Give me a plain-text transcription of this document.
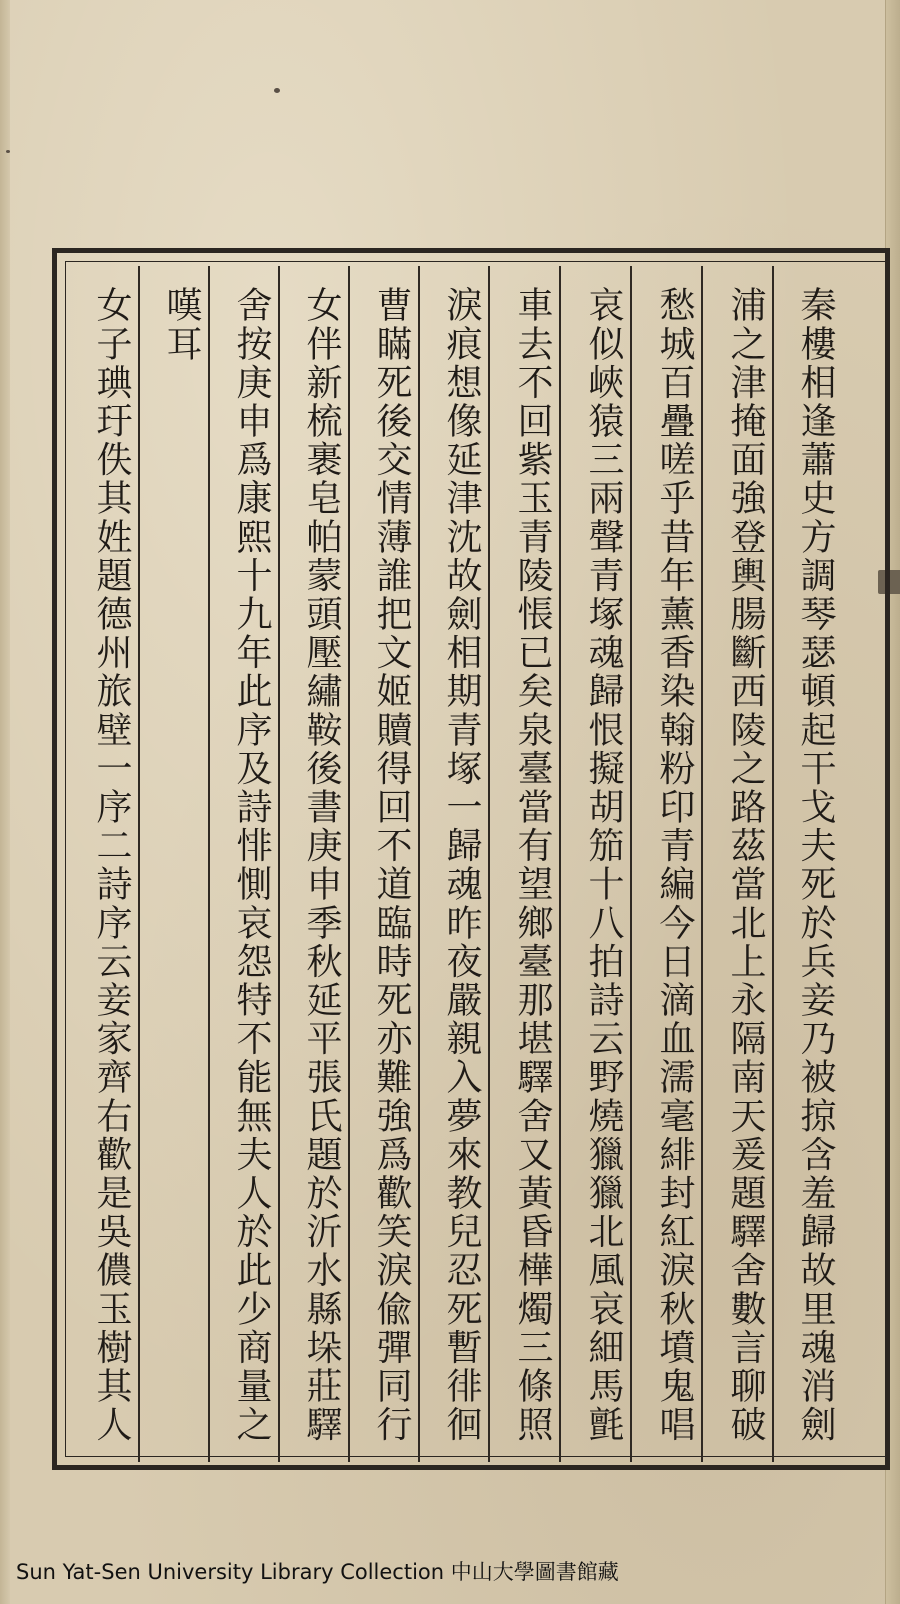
秦樓相逢蕭史方調琴瑟頓起干戈夫死於兵妾乃被掠含羞歸故里魂消劍
浦之津掩面強登輿腸斷西陵之路茲當北上永隔南天爰題驛舍數言聊破
愁城百疊嗟乎昔年薰香染翰粉印青編今日滴血濡毫緋封紅淚秋墳鬼唱
哀似峽猿三兩聲青塚魂歸恨擬胡笳十八拍詩云野燒獵獵北風哀細馬氈
車去不回紫玉青陵悵已矣泉臺當有望鄉臺那堪驛舍又黃昏樺燭三條照
淚痕想像延津沈故劍相期青塚一歸魂昨夜嚴親入夢來教兒忍死暫徘徊
曹瞞死後交情薄誰把文姬贖得回不道臨時死亦難強爲歡笑淚偸彈同行
女伴新梳裹皂帕蒙頭壓繡鞍後書庚申季秋延平張氏題於沂水縣垛莊驛
舍按庚申爲康熙十九年此序及詩悱惻哀怨特不能無夫人於此少商量之
嘆耳
女子琠玗佚其姓題德州旅壁一序二詩序云妾家齊右歡是吳儂玉樹其人
Sun Yat-Sen University Library Collection 中山大學圖書館藏
